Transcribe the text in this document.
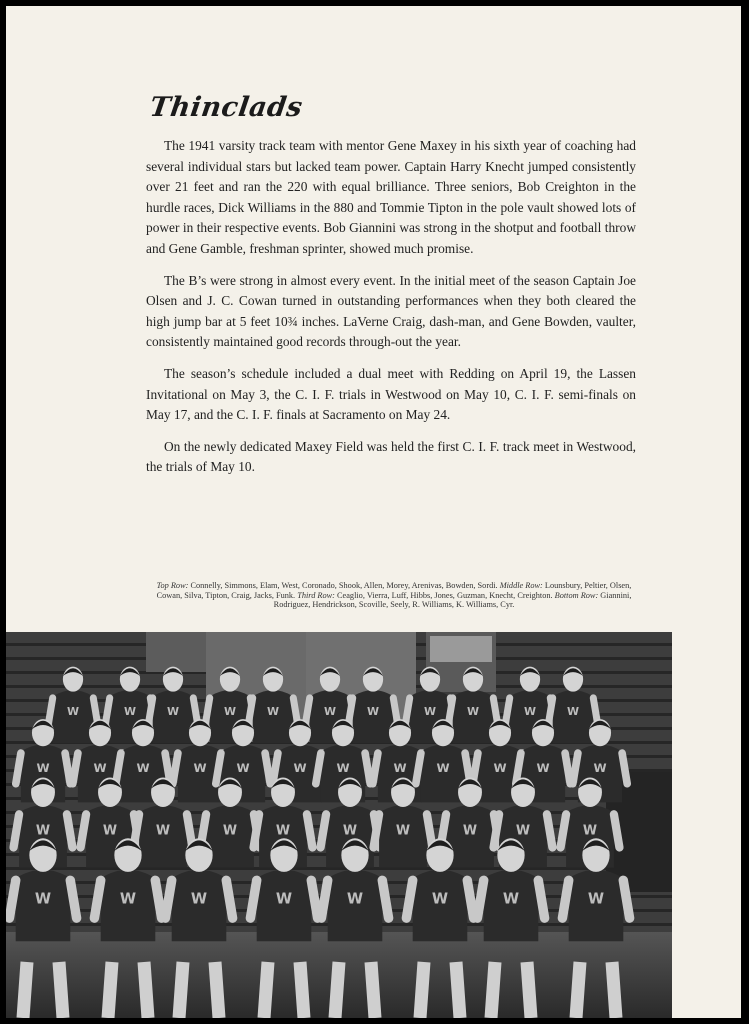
Thinclads

The 1941 varsity track team with mentor Gene Maxey in his sixth year of coaching had several individual stars but lacked team power. Captain Harry Knecht jumped consistently over 21 feet and ran the 220 with equal brilliance. Three seniors, Bob Creighton in the hurdle races, Dick Williams in the 880 and Tommie Tipton in the pole vault showed lots of power in their respective events. Bob Giannini was strong in the shotput and football throw and Gene Gamble, freshman sprinter, showed much promise.

The B’s were strong in almost every event. In the initial meet of the season Captain Joe Olsen and J. C. Cowan turned in outstanding performances when they both cleared the high jump bar at 5 feet 10¾ inches. LaVerne Craig, dash-man, and Gene Bowden, vaulter, consistently maintained good records through-out the year.

The season’s schedule included a dual meet with Redding on April 19, the Lassen Invitational on May 3, the C. I. F. trials in Westwood on May 10, C. I. F. semi-finals on May 17, and the C. I. F. finals at Sacramento on May 24.

On the newly dedicated Maxey Field was held the first C. I. F. track meet in Westwood, the trials of May 10.

Top Row: Connelly, Simmons, Elam, West, Coronado, Shook, Allen, Morey, Arenivas, Bowden, Sordi. Middle Row: Lounsbury, Peltier, Olsen, Cowan, Silva, Tipton, Craig, Jacks, Funk. Third Row: Ceaglio, Vierra, Luff, Hibbs, Jones, Guzman, Knecht, Creighton. Bottom Row: Giannini, Rodriguez, Hendrickson, Scoville, Seely, R. Williams, K. Williams, Cyr.
W	W	W	W	W	W	W	W	W	W	W
W	W	W	W	W	W	W	W	W	W	W	W
W	W	W	W	W	W	W	W	W	W
W	W	W	W	W	W	W	W
